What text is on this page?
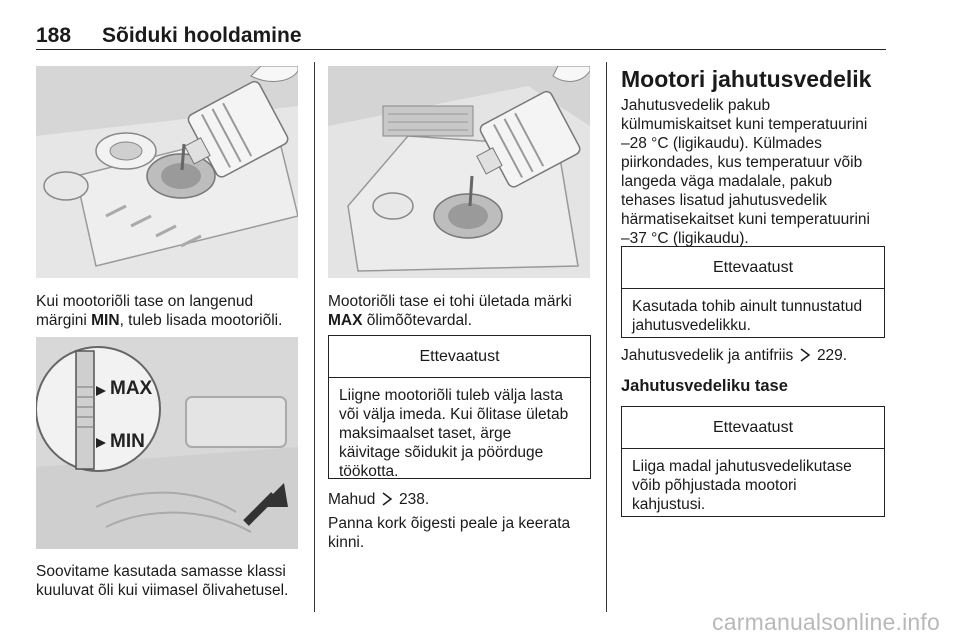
188 Sõiduki hooldamine
Kui mootoriõli tase on langenud
märgini MIN, tuleb lisada mootoriõli.
MAX
MIN
Soovitame kasutada samasse klassi
kuuluvat õli kui viimasel õlivahetusel.
Mootoriõli tase ei tohi ületada märki
MAX õlimõõtevardal.
Ettevaatust
Liigne mootoriõli tuleb välja lasta
või välja imeda. Kui õlitase ületab
maksimaalset taset, ärge
käivitage sõidukit ja pöörduge
töökotta.
Mahud 238.
Panna kork õigesti peale ja keerata
kinni.
Mootori jahutusvedelik
Jahutusvedelik pakub
külmumiskaitset kuni temperatuurini
–28 °C (ligikaudu). Külmades
piirkondades, kus temperatuur võib
langeda väga madalale, pakub
tehases lisatud jahutusvedelik
härmatisekaitset kuni temperatuurini
–37 °C (ligikaudu).
Ettevaatust
Kasutada tohib ainult tunnustatud
jahutusvedelikku.
Jahutusvedelik ja antifriis 229.
Jahutusvedeliku tase
Ettevaatust
Liiga madal jahutusvedelikutase
võib põhjustada mootori
kahjustusi.
carmanualsonline.info
